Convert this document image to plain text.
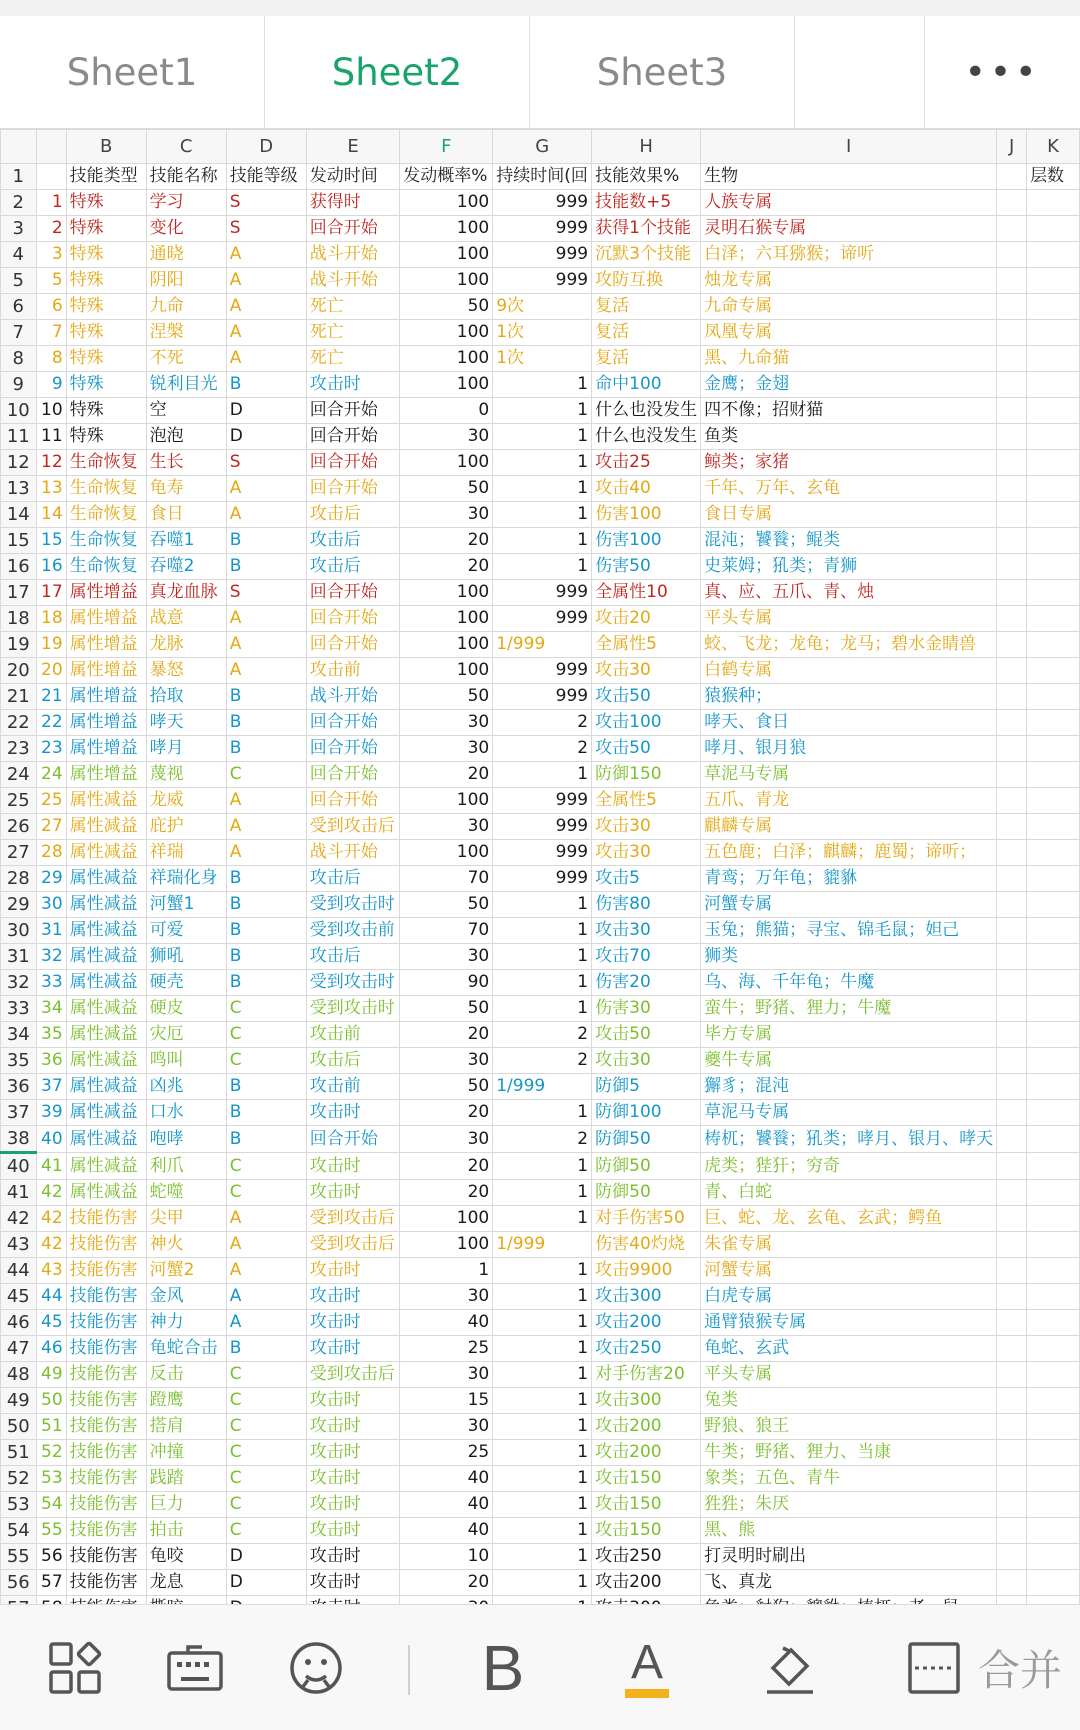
Sheet1	Sheet2	Sheet3	•••
		B	C	D	E	F	G	H	I	J	K
1		技能类型	技能名称	技能等级	发动时间	发动概率%	持续时间(回	技能效果%	生物		层数
2	1	特殊	学习	S	获得时	100	999	技能数+5	人族专属		
3	2	特殊	变化	S	回合开始	100	999	获得1个技能	灵明石猴专属		
4	3	特殊	通晓	A	战斗开始	100	999	沉默3个技能	白泽；六耳猕猴；谛听		
5	5	特殊	阴阳	A	战斗开始	100	999	攻防互换	烛龙专属		
6	6	特殊	九命	A	死亡	50	9次	复活	九命专属		
7	7	特殊	涅槃	A	死亡	100	1次	复活	凤凰专属		
8	8	特殊	不死	A	死亡	100	1次	复活	黑、九命猫		
9	9	特殊	锐利目光	B	攻击时	100	1	命中100	金鹰；金翅		
10	10	特殊	空	D	回合开始	0	1	什么也没发生	四不像；招财猫		
11	11	特殊	泡泡	D	回合开始	30	1	什么也没发生	鱼类		
12	12	生命恢复	生长	S	回合开始	100	1	攻击25	鲸类；家猪		
13	13	生命恢复	龟寿	A	回合开始	50	1	攻击40	千年、万年、玄龟		
14	14	生命恢复	食日	A	攻击后	30	1	伤害100	食日专属		
15	15	生命恢复	吞噬1	B	攻击后	20	1	伤害100	混沌；饕餮；鲲类		
16	16	生命恢复	吞噬2	B	攻击后	20	1	伤害50	史莱姆；犼类；青狮		
17	17	属性增益	真龙血脉	S	回合开始	100	999	全属性10	真、应、五爪、青、烛		
18	18	属性增益	战意	A	回合开始	100	999	攻击20	平头专属		
19	19	属性增益	龙脉	A	回合开始	100	1/999	全属性5	蛟、飞龙；龙龟；龙马；碧水金睛兽		
20	20	属性增益	暴怒	A	攻击前	100	999	攻击30	白鹤专属		
21	21	属性增益	拾取	B	战斗开始	50	999	攻击50	猿猴种；		
22	22	属性增益	哮天	B	回合开始	30	2	攻击100	哮天、食日		
23	23	属性增益	哮月	B	回合开始	30	2	攻击50	哮月、银月狼		
24	24	属性增益	蔑视	C	回合开始	20	1	防御150	草泥马专属		
25	25	属性减益	龙威	A	回合开始	100	999	全属性5	五爪、青龙		
26	27	属性减益	庇护	A	受到攻击后	30	999	攻击30	麒麟专属		
27	28	属性减益	祥瑞	A	战斗开始	100	999	攻击30	五色鹿；白泽；麒麟；鹿蜀；谛听；		
28	29	属性减益	祥瑞化身	B	攻击后	70	999	攻击5	青鸾；万年龟；貔貅		
29	30	属性减益	河蟹1	B	受到攻击时	50	1	伤害80	河蟹专属		
30	31	属性减益	可爱	B	受到攻击前	70	1	攻击30	玉兔；熊猫；寻宝、锦毛鼠；妲己		
31	32	属性减益	狮吼	B	攻击后	30	1	攻击70	狮类		
32	33	属性减益	硬壳	B	受到攻击时	90	1	伤害20	乌、海、千年龟；牛魔		
33	34	属性减益	硬皮	C	受到攻击时	50	1	伤害30	蛮牛；野猪、狸力；牛魔		
34	35	属性减益	灾厄	C	攻击前	20	2	攻击50	毕方专属		
35	36	属性减益	鸣叫	C	攻击后	30	2	攻击30	夔牛专属		
36	37	属性减益	凶兆	B	攻击前	50	1/999	防御5	獬豸；混沌		
37	39	属性减益	口水	B	攻击时	20	1	防御100	草泥马专属		
38	40	属性减益	咆哮	B	回合开始	30	2	防御50	梼杌；饕餮；犼类；哮月、银月、哮天		
40	41	属性减益	利爪	C	攻击时	20	1	防御50	虎类；狴犴；穷奇		
41	42	属性减益	蛇噬	C	攻击时	20	1	防御50	青、白蛇		
42	42	技能伤害	尖甲	A	受到攻击后	100	1	对手伤害50	巨、蛇、龙、玄龟、玄武；鳄鱼		
43	42	技能伤害	神火	A	受到攻击后	100	1/999	伤害40灼烧	朱雀专属		
44	43	技能伤害	河蟹2	A	攻击时	1	1	攻击9900	河蟹专属		
45	44	技能伤害	金风	A	攻击时	30	1	攻击300	白虎专属		
46	45	技能伤害	神力	A	攻击时	40	1	攻击200	通臂猿猴专属		
47	46	技能伤害	龟蛇合击	B	攻击时	25	1	攻击250	龟蛇、玄武		
48	49	技能伤害	反击	C	受到攻击后	30	1	对手伤害20	平头专属		
49	50	技能伤害	蹬鹰	C	攻击时	15	1	攻击300	兔类		
50	51	技能伤害	搭肩	C	攻击时	30	1	攻击200	野狼、狼王		
51	52	技能伤害	冲撞	C	攻击时	25	1	攻击200	牛类；野猪、狸力、当康		
52	53	技能伤害	践踏	C	攻击时	40	1	攻击150	象类；五色、青牛		
53	54	技能伤害	巨力	C	攻击时	40	1	攻击150	狌狌；朱厌		
54	55	技能伤害	拍击	C	攻击时	40	1	攻击150	黑、熊		
55	56	技能伤害	龟咬	D	攻击时	10	1	攻击250	打灵明时刷出		
56	57	技能伤害	龙息	D	攻击时	20	1	攻击200	飞、真龙		

B A	合并
